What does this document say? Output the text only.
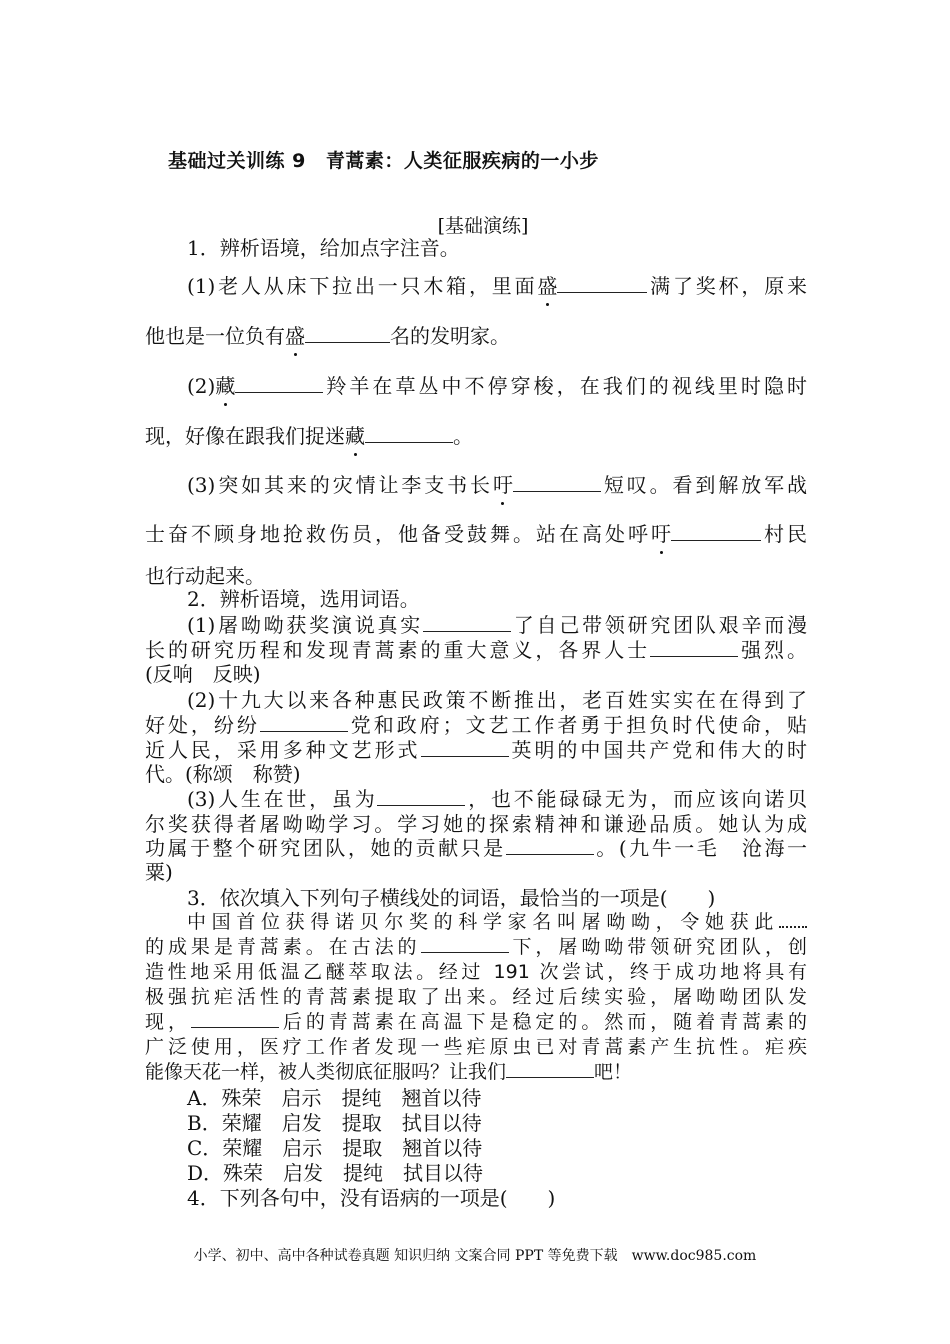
基础过关训练 9 青蒿素：人类征服疾病的一小步
[基础演练]
1．辨析语境，给加点字注音。
(1)老人从床下拉出一只木箱，里面盛	满了奖杯，原来
他也是一位负有盛	名的发明家。
(2)藏	羚羊在草丛中不停穿梭，在我们的视线里时隐时
现，好像在跟我们捉迷藏	。
(3)突如其来的灾情让李支书长吁	短叹。看到解放军战
士奋不顾身地抢救伤员，他备受鼓舞。站在高处呼吁	村民
也行动起来。
2．辨析语境，选用词语。
(1)屠呦呦获奖演说真实	了自己带领研究团队艰辛而漫
长的研究历程和发现青蒿素的重大意义，各界人士	强烈。
(反响　反映)
(2)十九大以来各种惠民政策不断推出，老百姓实实在在得到了
好处，纷纷	党和政府；文艺工作者勇于担负时代使命，贴
近人民，采用多种文艺形式	英明的中国共产党和伟大的时
代。(称颂　称赞)
(3)人生在世，虽为	，也不能碌碌无为，而应该向诺贝
尔奖获得者屠呦呦学习。学习她的探索精神和谦逊品质。她认为成
功属于整个研究团队，她的贡献只是	。(九牛一毛　沧海一
粟)
3．依次填入下列句子横线处的词语，最恰当的一项是(　　)
中国首位获得诺贝尔奖的科学家名叫屠呦呦，令她获此
的成果是青蒿素。在古法的	下，屠呦呦带领研究团队，创
造性地采用低温乙醚萃取法。经过 191 次尝试，终于成功地将具有
极强抗疟活性的青蒿素提取了出来。经过后续实验，屠呦呦团队发
现，	后的青蒿素在高温下是稳定的。然而，随着青蒿素的
广泛使用，医疗工作者发现一些疟原虫已对青蒿素产生抗性。疟疾
能像天花一样，被人类彻底征服吗？让我们	吧！
A．殊荣　启示　提纯　翘首以待
B．荣耀　启发　提取　拭目以待
C．荣耀　启示　提取　翘首以待
D．殊荣　启发　提纯　拭目以待
4．下列各句中，没有语病的一项是(　　)
小学、初中、高中各种试卷真题 知识归纳 文案合同 PPT 等免费下载　www.doc985.com
